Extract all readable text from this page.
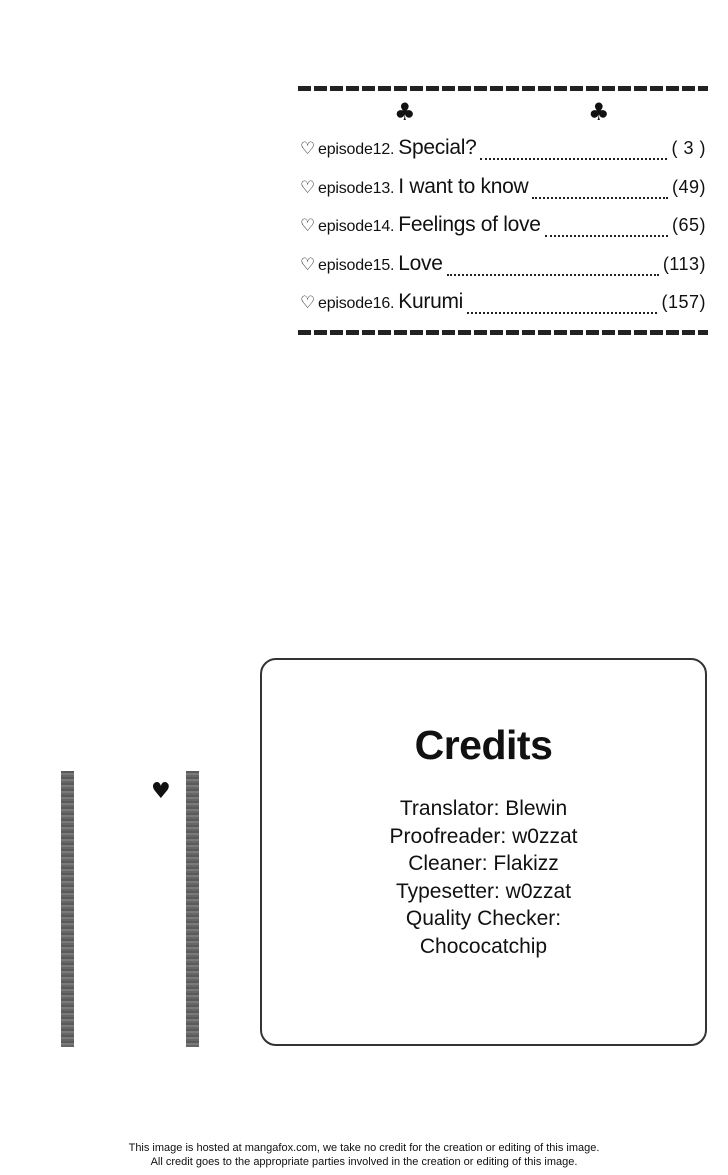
♣	♣
♡ episode12. Special?	( 3 )
♡ episode13. I want to know	(49)
♡ episode14. Feelings of love	(65)
♡ episode15. Love	(113)
♡ episode16. Kurumi	(157)
♥
Credits
Translator: Blewin
Proofreader: w0zzat
Cleaner: Flakizz
Typesetter: w0zzat
Quality Checker:
Chococatchip
This image is hosted at mangafox.com, we take no credit for the creation or editing of this image.
All credit goes to the appropriate parties involved in the creation or editing of this image.
